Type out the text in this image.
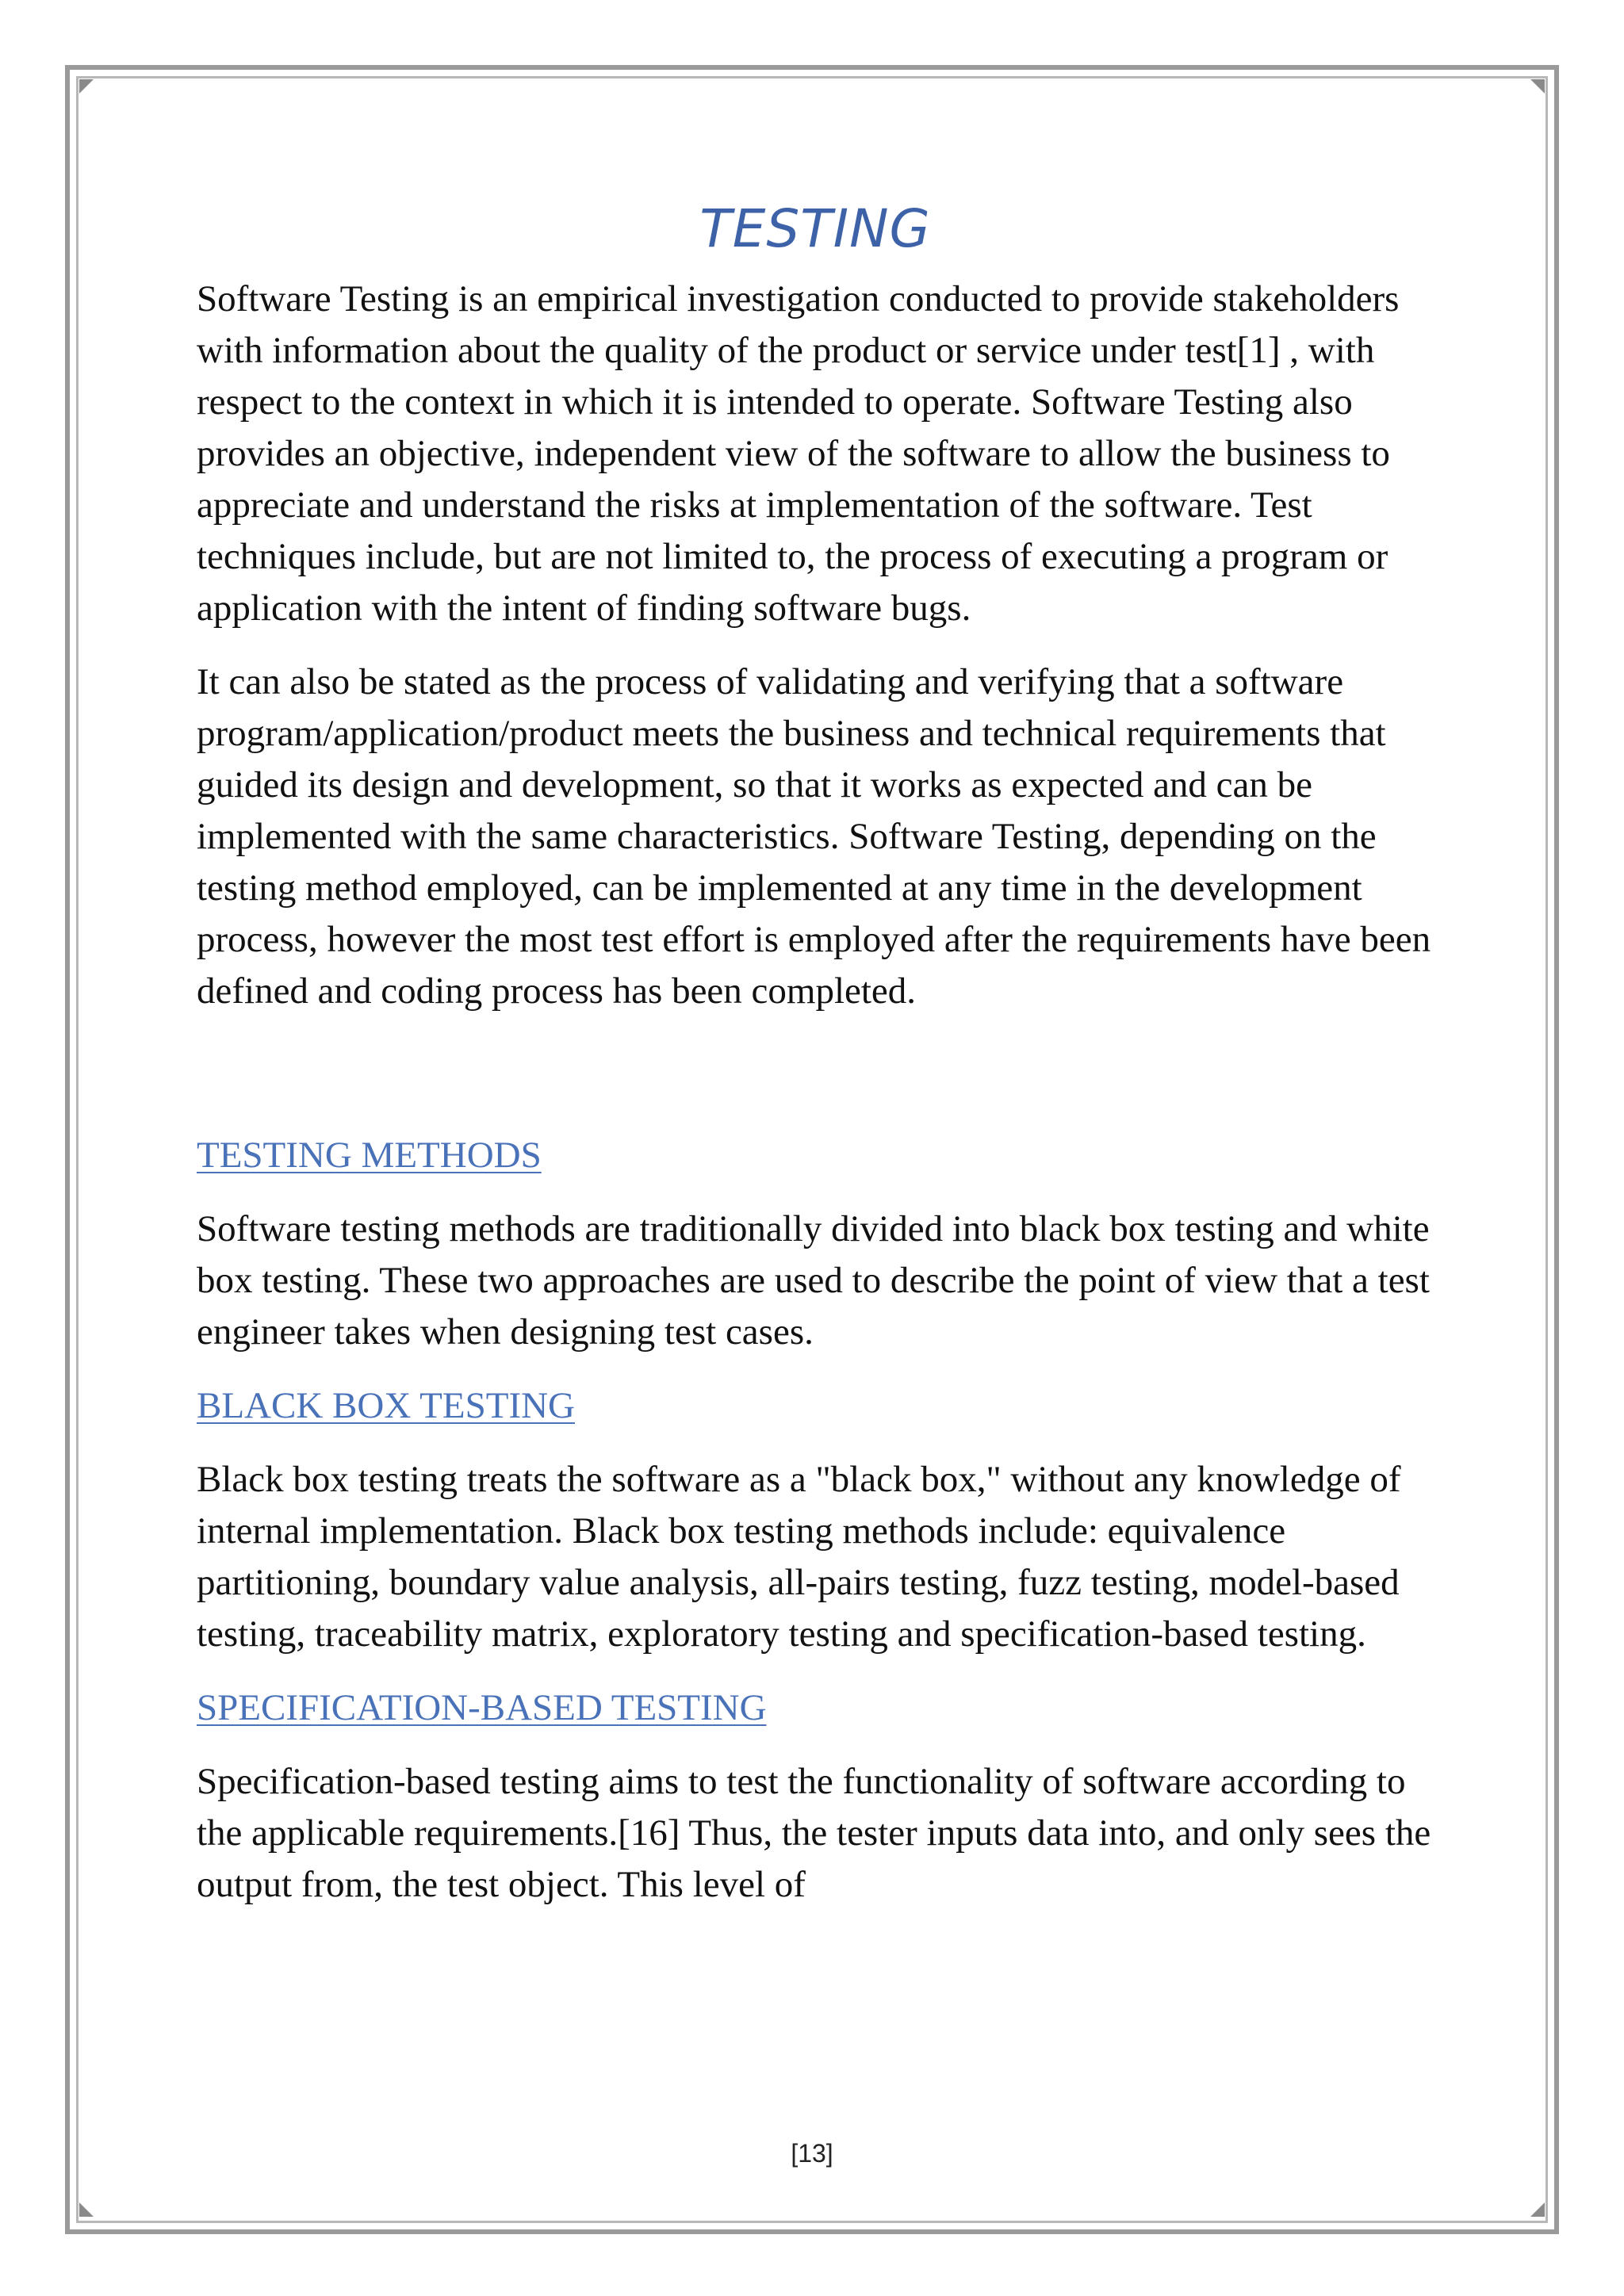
TESTING

Software Testing is an empirical investigation conducted to provide stakeholders with information about the quality of the product or service under test[1] , with respect to the context in which it is intended to operate. Software Testing also provides an objective, independent view of the software to allow the business to appreciate and understand the risks at implementation of the software. Test techniques include, but are not limited to, the process of executing a program or application with the intent of finding software bugs.

It can also be stated as the process of validating and verifying that a software program/application/product meets the business and technical requirements that guided its design and development, so that it works as expected and can be implemented with the same characteristics. Software Testing, depending on the testing method employed, can be implemented at any time in the development process, however the most test effort is employed after the requirements have been defined and coding process has been completed.

TESTING METHODS

Software testing methods are traditionally divided into black box testing and white box testing. These two approaches are used to describe the point of view that a test engineer takes when designing test cases.

BLACK BOX TESTING

Black box testing treats the software as a "black box," without any knowledge of internal implementation. Black box testing methods include: equivalence partitioning, boundary value analysis, all-pairs testing, fuzz testing, model-based testing, traceability matrix, exploratory testing and specification-based testing.

SPECIFICATION-BASED TESTING

Specification-based testing aims to test the functionality of software according to the applicable requirements.[16] Thus, the tester inputs data into, and only sees the output from, the test object. This level of

[13]
